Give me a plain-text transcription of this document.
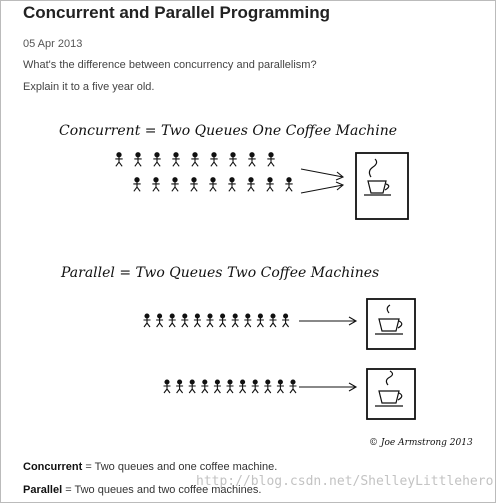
Concurrent and Parallel Programming
05 Apr 2013
What's the difference between concurrency and parallelism?
Explain it to a five year old.
Concurrent = Two Queues One Coffee Machine
Parallel = Two Queues Two Coffee Machines
© Joe Armstrong 2013
Concurrent = Two queues and one coffee machine.
Parallel = Two queues and two coffee machines.
http://blog.csdn.net/ShelleyLittlehero
